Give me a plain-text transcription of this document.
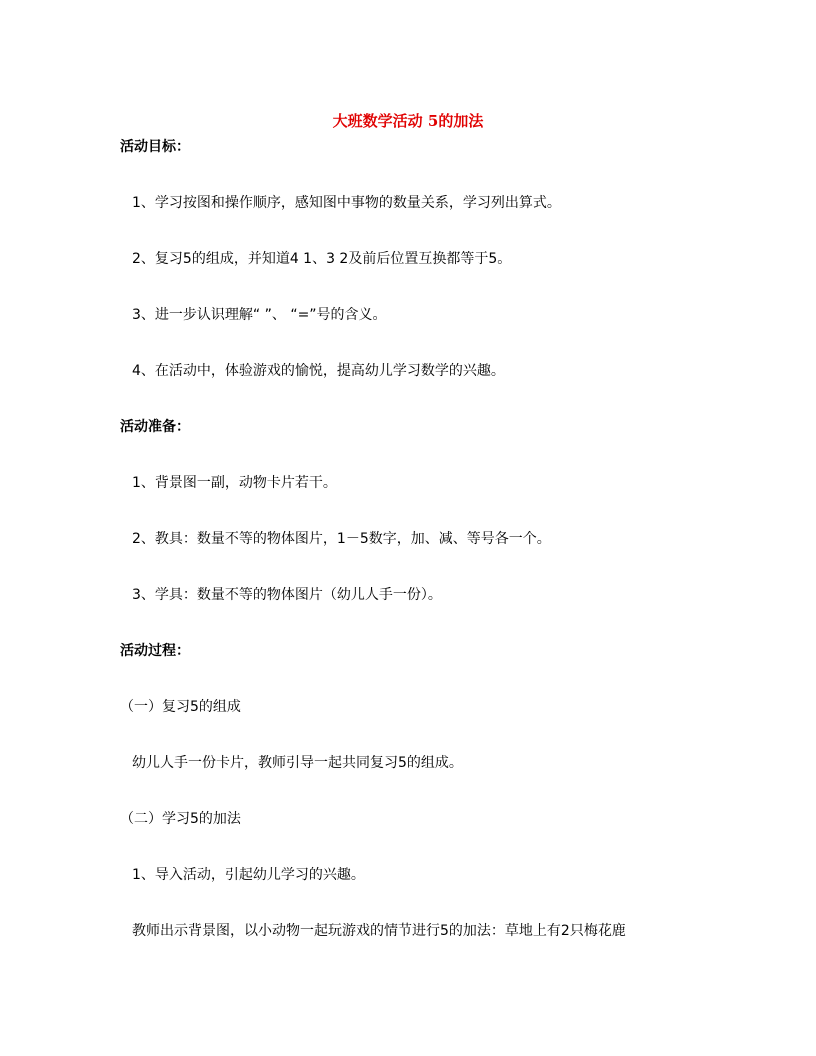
大班数学活动 5的加法
活动目标：
1、学习按图和操作顺序，感知图中事物的数量关系，学习列出算式。
2、复习5的组成，并知道4 1、3 2及前后位置互换都等于5。
3、进一步认识理解“ ”、 “=”号的含义。
4、在活动中，体验游戏的愉悦，提高幼儿学习数学的兴趣。
活动准备：
1、背景图一副，动物卡片若干。
2、教具：数量不等的物体图片，1－5数字，加、减、等号各一个。
3、学具：数量不等的物体图片（幼儿人手一份）。
活动过程：
（一）复习5的组成
幼儿人手一份卡片，教师引导一起共同复习5的组成。
（二）学习5的加法
1、导入活动，引起幼儿学习的兴趣。
教师出示背景图，以小动物一起玩游戏的情节进行5的加法：草地上有2只梅花鹿
